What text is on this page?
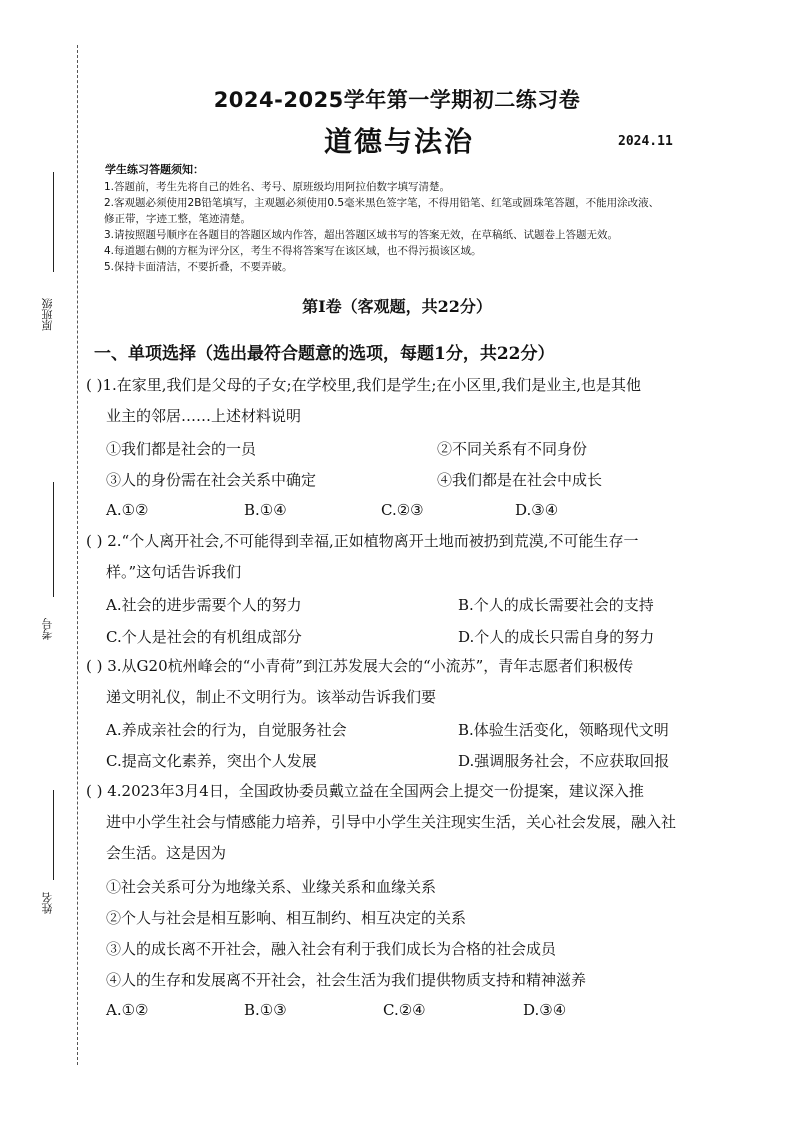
原班级
考号
姓名
2024-2025学年第一学期初二练习卷
道德与法治	2024.11
学生练习答题须知：
1.答题前，考生先将自己的姓名、考号、原班级均用阿拉伯数字填写清楚。
2.客观题必须使用2B铅笔填写，主观题必须使用0.5毫米黑色签字笔，不得用铅笔、红笔或圆珠笔答题，不能用涂改液、
修正带，字迹工整，笔迹清楚。
3.请按照题号顺序在各题目的答题区域内作答，超出答题区域书写的答案无效，在草稿纸、试题卷上答题无效。
4.每道题右侧的方框为评分区，考生不得将答案写在该区域，也不得污损该区域。
5.保持卡面清洁，不要折叠，不要弄破。
第Ⅰ卷（客观题，共22分）
一、单项选择（选出最符合题意的选项，每题1分，共22分）
( )1.在家里,我们是父母的子女;在学校里,我们是学生;在小区里,我们是业主,也是其他
业主的邻居……上述材料说明
①我们都是社会的一员	②不同关系有不同身份
③人的身份需在社会关系中确定	④我们都是在社会中成长
A.①②	B.①④	C.②③	D.③④
( ) 2.“个人离开社会,不可能得到幸福,正如植物离开土地而被扔到荒漠,不可能生存一
样。”这句话告诉我们
A.社会的进步需要个人的努力	B.个人的成长需要社会的支持
C.个人是社会的有机组成部分	D.个人的成长只需自身的努力
( ) 3.从G20杭州峰会的“小青荷”到江苏发展大会的“小流苏”，青年志愿者们积极传
递文明礼仪，制止不文明行为。该举动告诉我们要
A.养成亲社会的行为，自觉服务社会	B.体验生活变化，领略现代文明
C.提高文化素养，突出个人发展	D.强调服务社会，不应获取回报
( ) 4.2023年3月4日，全国政协委员戴立益在全国两会上提交一份提案，建议深入推
进中小学生社会与情感能力培养，引导中小学生关注现实生活，关心社会发展，融入社
会生活。这是因为
①社会关系可分为地缘关系、业缘关系和血缘关系
②个人与社会是相互影响、相互制约、相互决定的关系
③人的成长离不开社会，融入社会有利于我们成长为合格的社会成员
④人的生存和发展离不开社会，社会生活为我们提供物质支持和精神滋养
A.①②	B.①③	C.②④	D.③④
